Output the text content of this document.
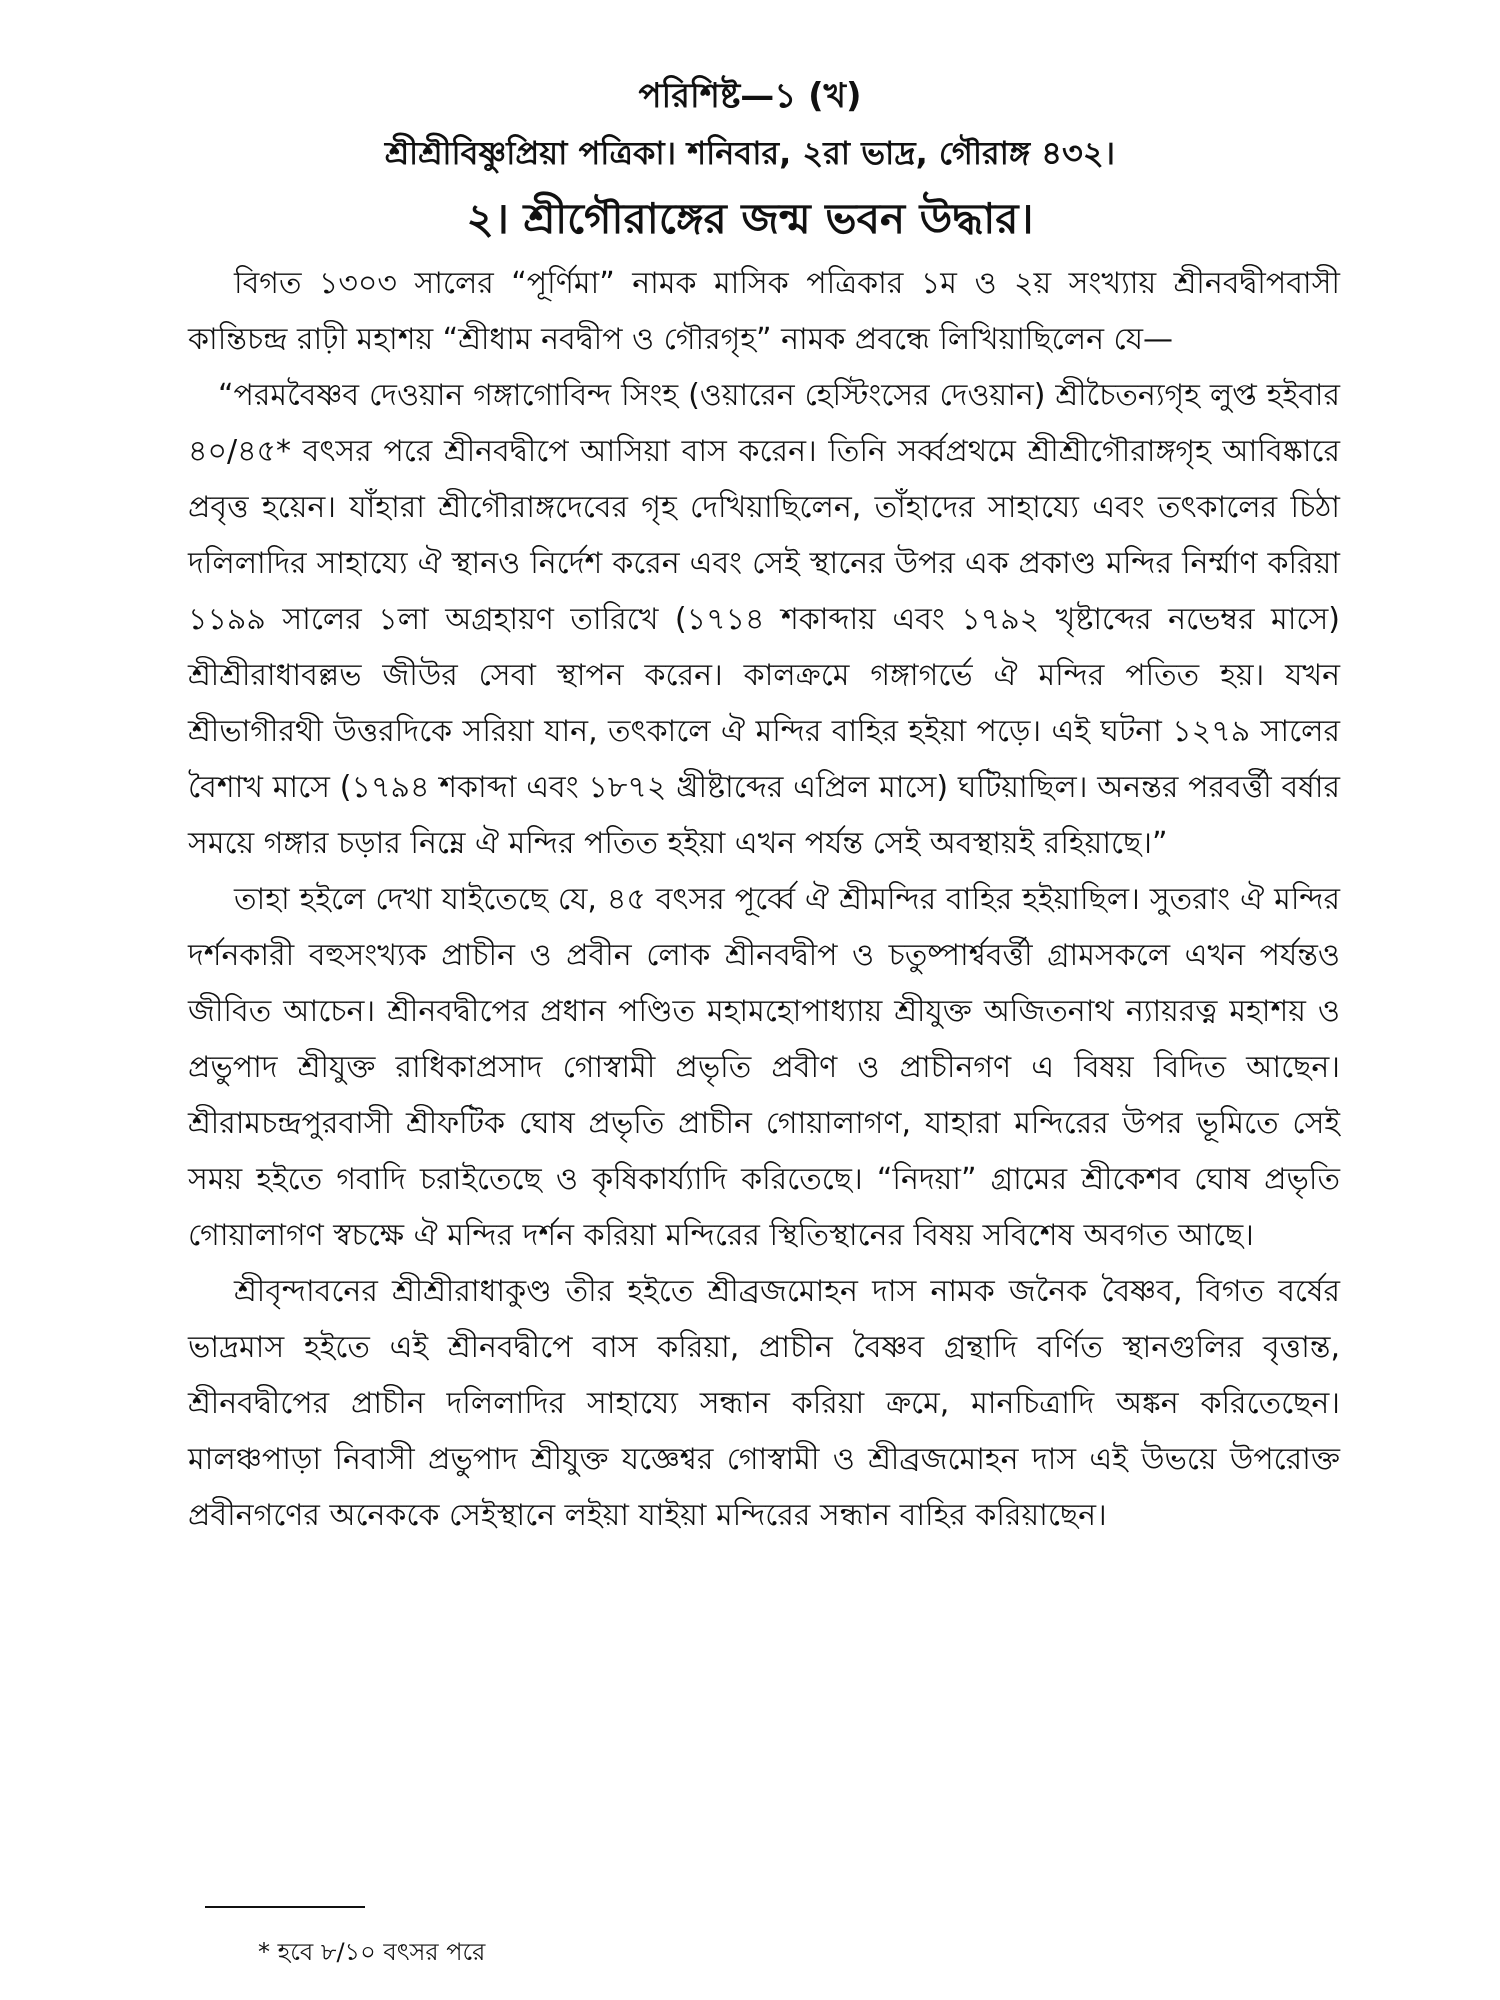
পরিশিষ্ট—১ (খ)
শ্রীশ্রীবিষ্ণুপ্রিয়া পত্রিকা। শনিবার, ২রা ভাদ্র, গৌরাঙ্গ ৪৩২।
২। শ্রীগৌরাঙ্গের জন্ম ভবন উদ্ধার।

বিগত ১৩০৩ সালের “পূর্ণিমা” নামক মাসিক পত্রিকার ১ম ও ২য় সংখ্যায় শ্রীনবদ্বীপবাসী কান্তিচন্দ্র রাঢ়ী মহাশয় “শ্রীধাম নবদ্বীপ ও গৌরগৃহ” নামক প্রবন্ধে লিখিয়াছিলেন যে—

“পরমবৈষ্ণব দেওয়ান গঙ্গাগোবিন্দ সিংহ (ওয়ারেন হেস্টিংসের দেওয়ান) শ্রীচৈতন্যগৃহ লুপ্ত হইবার ৪০/৪৫* বৎসর পরে শ্রীনবদ্বীপে আসিয়া বাস করেন। তিনি সর্ব্বপ্রথমে শ্রীশ্রীগৌরাঙ্গগৃহ আবিষ্কারে প্রবৃত্ত হয়েন। যাঁহারা শ্রীগৌরাঙ্গদেবের গৃহ দেখিয়াছিলেন, তাঁহাদের সাহায্যে এবং তৎকালের চিঠা দলিলাদির সাহায্যে ঐ স্থানও নির্দেশ করেন এবং সেই স্থানের উপর এক প্রকাণ্ড মন্দির নির্ম্মাণ করিয়া ১১৯৯ সালের ১লা অগ্রহায়ণ তারিখে (১৭১৪ শকাব্দায় এবং ১৭৯২ খৃষ্টাব্দের নভেম্বর মাসে) শ্রীশ্রীরাধাবল্লভ জীউর সেবা স্থাপন করেন। কালক্রমে গঙ্গাগর্ভে ঐ মন্দির পতিত হয়। যখন শ্রীভাগীরথী উত্তরদিকে সরিয়া যান, তৎকালে ঐ মন্দির বাহির হইয়া পড়ে। এই ঘটনা ১২৭৯ সালের বৈশাখ মাসে (১৭৯৪ শকাব্দা এবং ১৮৭২ খ্রীষ্টাব্দের এপ্রিল মাসে) ঘটিয়াছিল। অনন্তর পরবর্ত্তী বর্ষার সময়ে গঙ্গার চড়ার নিম্নে ঐ মন্দির পতিত হইয়া এখন পর্যন্ত সেই অবস্থায়ই রহিয়াছে।”

তাহা হইলে দেখা যাইতেছে যে, ৪৫ বৎসর পূর্ব্বে ঐ শ্রীমন্দির বাহির হইয়াছিল। সুতরাং ঐ মন্দির দর্শনকারী বহুসংখ্যক প্রাচীন ও প্রবীন লোক শ্রীনবদ্বীপ ও চতুষ্পার্শ্ববর্ত্তী গ্রামসকলে এখন পর্যন্তও জীবিত আচেন। শ্রীনবদ্বীপের প্রধান পণ্ডিত মহামহোপাধ্যায় শ্রীযুক্ত অজিতনাথ ন্যায়রত্ন মহাশয় ও প্রভুপাদ শ্রীযুক্ত রাধিকাপ্রসাদ গোস্বামী প্রভৃতি প্রবীণ ও প্রাচীনগণ এ বিষয় বিদিত আছেন। শ্রীরামচন্দ্রপুরবাসী শ্রীফটিক ঘোষ প্রভৃতি প্রাচীন গোয়ালাগণ, যাহারা মন্দিরের উপর ভূমিতে সেই সময় হইতে গবাদি চরাইতেছে ও কৃষিকার্য্যাদি করিতেছে। “নিদয়া” গ্রামের শ্রীকেশব ঘোষ প্রভৃতি গোয়ালাগণ স্বচক্ষে ঐ মন্দির দর্শন করিয়া মন্দিরের স্থিতিস্থানের বিষয় সবিশেষ অবগত আছে।

শ্রীবৃন্দাবনের শ্রীশ্রীরাধাকুণ্ড তীর হইতে শ্রীব্রজমোহন দাস নামক জনৈক বৈষ্ণব, বিগত বর্ষের ভাদ্রমাস হইতে এই শ্রীনবদ্বীপে বাস করিয়া, প্রাচীন বৈষ্ণব গ্রন্থাদি বর্ণিত স্থানগুলির বৃত্তান্ত, শ্রীনবদ্বীপের প্রাচীন দলিলাদির সাহায্যে সন্ধান করিয়া ক্রমে, মানচিত্রাদি অঙ্কন করিতেছেন। মালঞ্চপাড়া নিবাসী প্রভুপাদ শ্রীযুক্ত যজ্ঞেশ্বর গোস্বামী ও শ্রীব্রজমোহন দাস এই উভয়ে উপরোক্ত প্রবীনগণের অনেককে সেইস্থানে লইয়া যাইয়া মন্দিরের সন্ধান বাহির করিয়াছেন।

* হবে ৮/১০ বৎসর পরে
